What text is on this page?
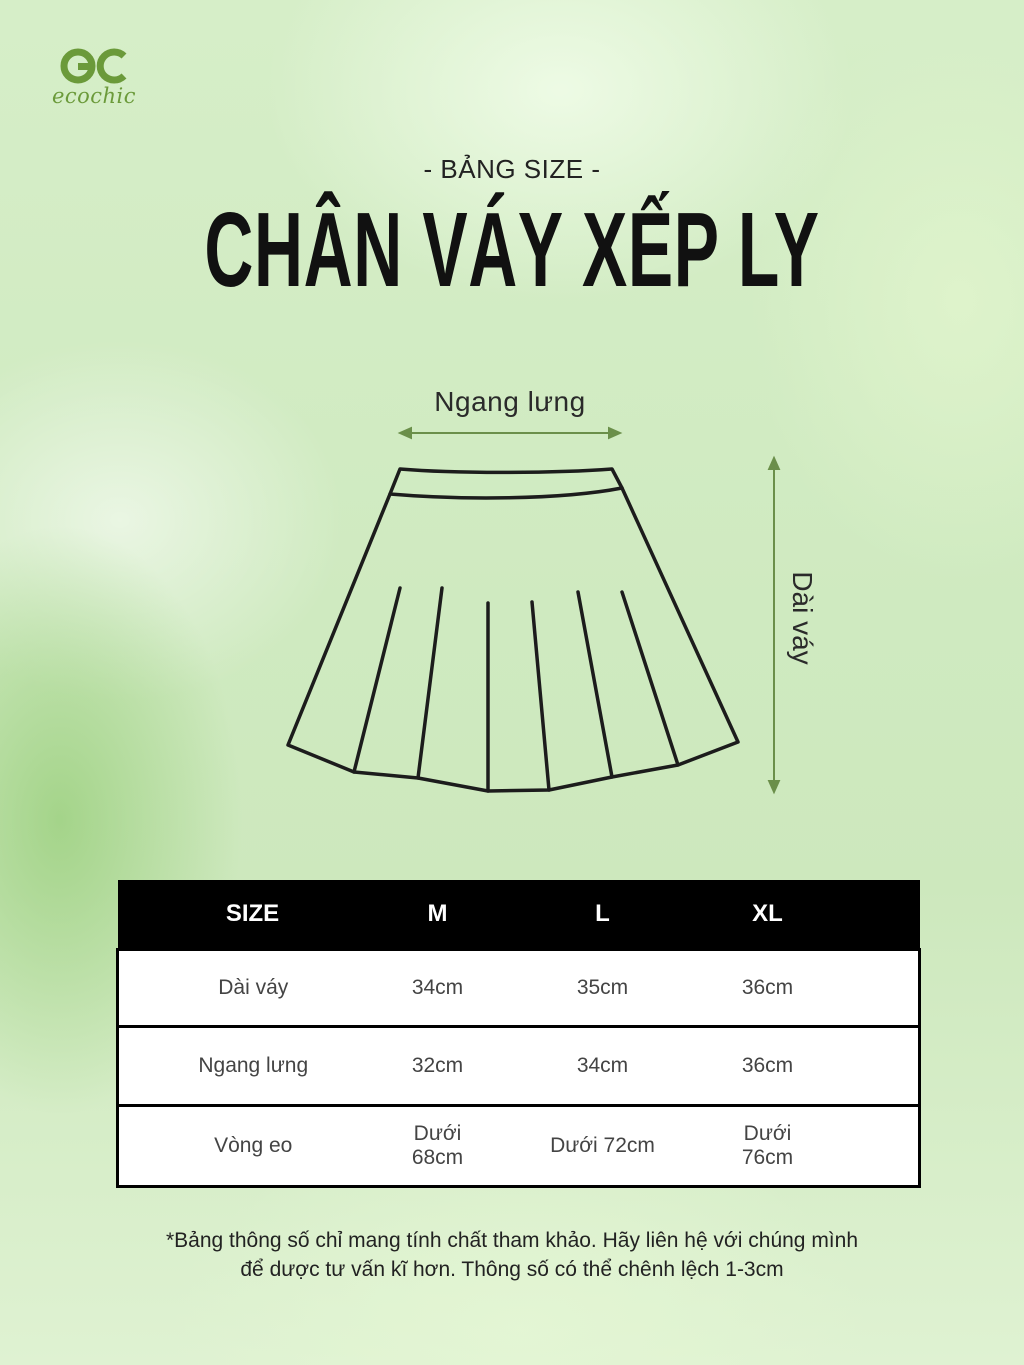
ecochic
- BẢNG SIZE -
CHÂN VÁY XẾP LY
Ngang lưng
Dài váy
SIZE	M	L	XL	
Dài váy	34cm	35cm	36cm	
Ngang lưng	32cm	34cm	36cm	
Vòng eo	Dưới 68cm	Dưới 72cm	Dưới 76cm	
*Bảng thông số chỉ mang tính chất tham khảo. Hãy liên hệ với chúng mình
để dược tư vấn kĩ hơn. Thông số có thể chênh lệch 1-3cm
